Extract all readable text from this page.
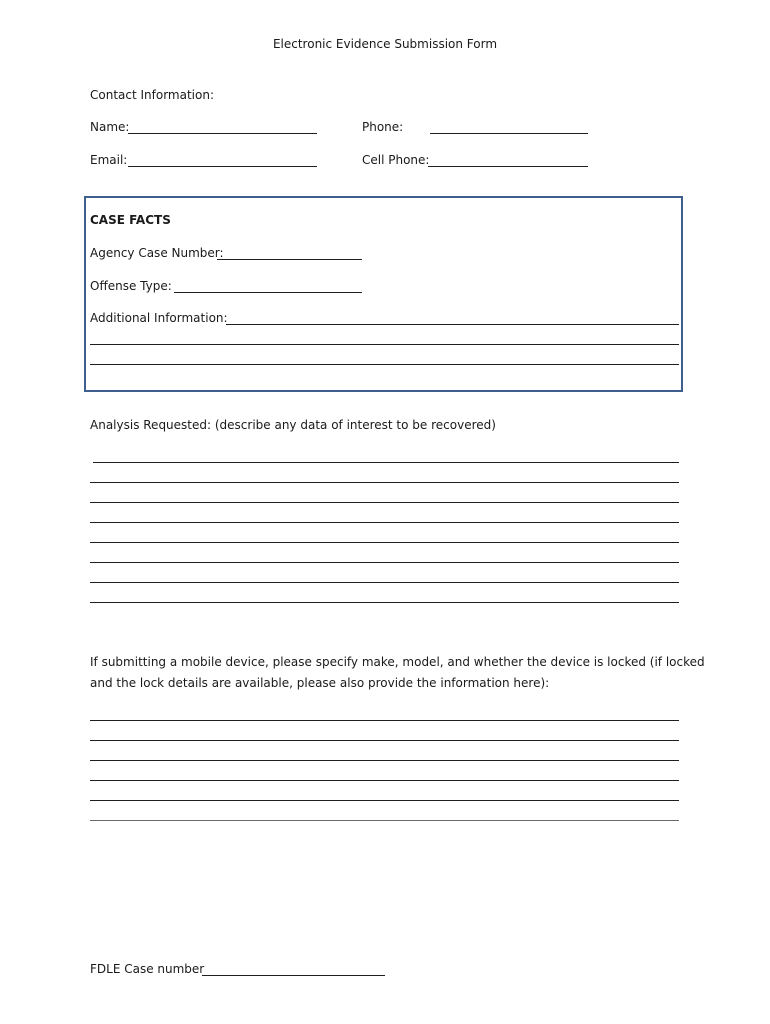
Electronic Evidence Submission Form
Contact Information:
Name:	Phone:
Email:	Cell Phone:
CASE FACTS
Agency Case Number:
Offense Type:
Additional Information:
Analysis Requested: (describe any data of interest to be recovered)
If submitting a mobile device, please specify make, model, and whether the device is locked (if locked
and the lock details are available, please also provide the information here):
FDLE Case number
